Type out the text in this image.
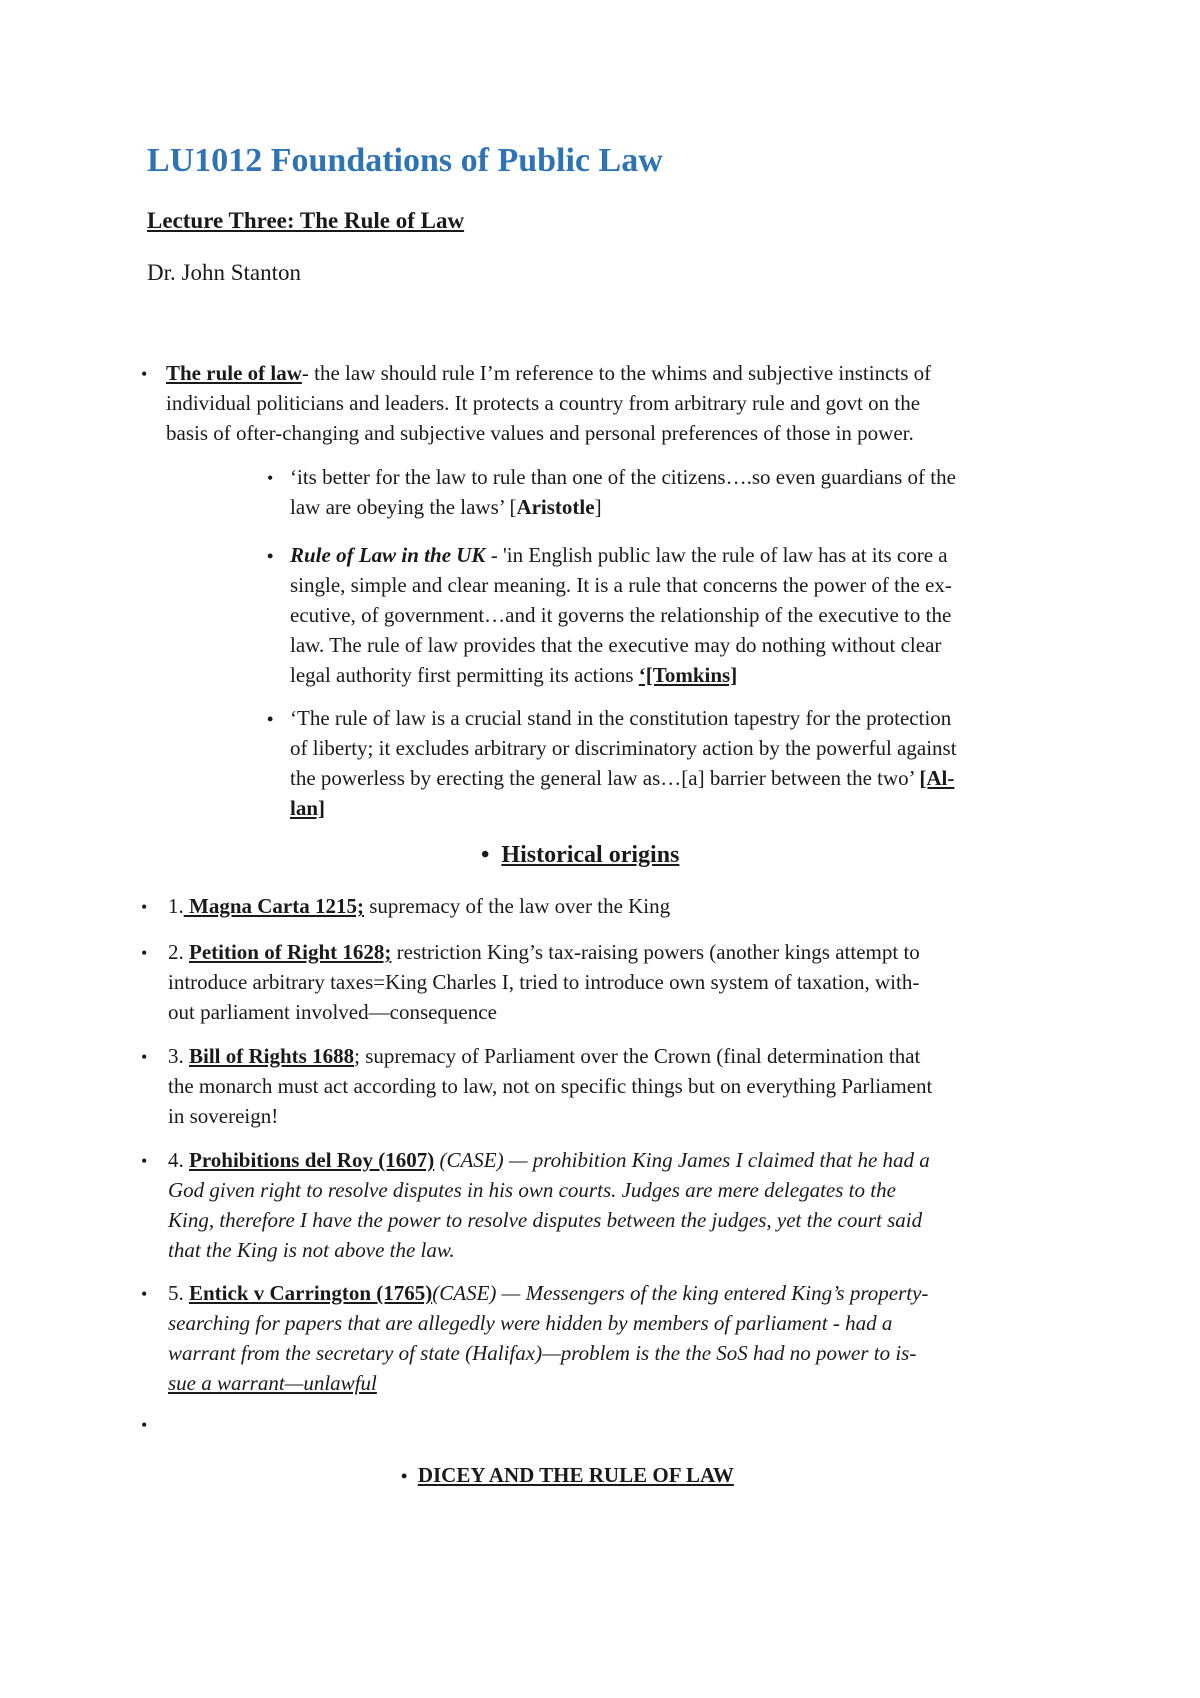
LU1012 Foundations of Public Law
Lecture Three: The Rule of Law

Dr. John Stanton

• The rule of law- the law should rule I’m reference to the whims and subjective instincts of
individual politicians and leaders. It protects a country from arbitrary rule and govt on the
basis of ofter-changing and subjective values and personal preferences of those in power.

• ‘its better for the law to rule than one of the citizens….so even guardians of the
law are obeying the laws’ [Aristotle]

• Rule of Law in the UK - 'in English public law the rule of law has at its core a
single, simple and clear meaning. It is a rule that concerns the power of the ex-
ecutive, of government…and it governs the relationship of the executive to the
law. The rule of law provides that the executive may do nothing without clear
legal authority first permitting its actions ‘[Tomkins]

• ‘The rule of law is a crucial stand in the constitution tapestry for the protection
of liberty; it excludes arbitrary or discriminatory action by the powerful against
the powerless by erecting the general law as…[a] barrier between the two’ [Al-
lan]

• Historical origins

• 1. Magna Carta 1215; supremacy of the law over the King

• 2. Petition of Right 1628; restriction King’s tax-raising powers (another kings attempt to
introduce arbitrary taxes=King Charles I, tried to introduce own system of taxation, with-
out parliament involved—consequence

• 3. Bill of Rights 1688; supremacy of Parliament over the Crown (final determination that
the monarch must act according to law, not on specific things but on everything Parliament
in sovereign!

• 4. Prohibitions del Roy (1607) (CASE) — prohibition King James I claimed that he had a
God given right to resolve disputes in his own courts. Judges are mere delegates to the
King, therefore I have the power to resolve disputes between the judges, yet the court said
that the King is not above the law.

• 5. Entick v Carrington (1765)(CASE) — Messengers of the king entered King’s property-
searching for papers that are allegedly were hidden by members of parliament - had a
warrant from the secretary of state (Halifax)—problem is the the SoS had no power to is-
sue a warrant—unlawful

•

• DICEY AND THE RULE OF LAW
